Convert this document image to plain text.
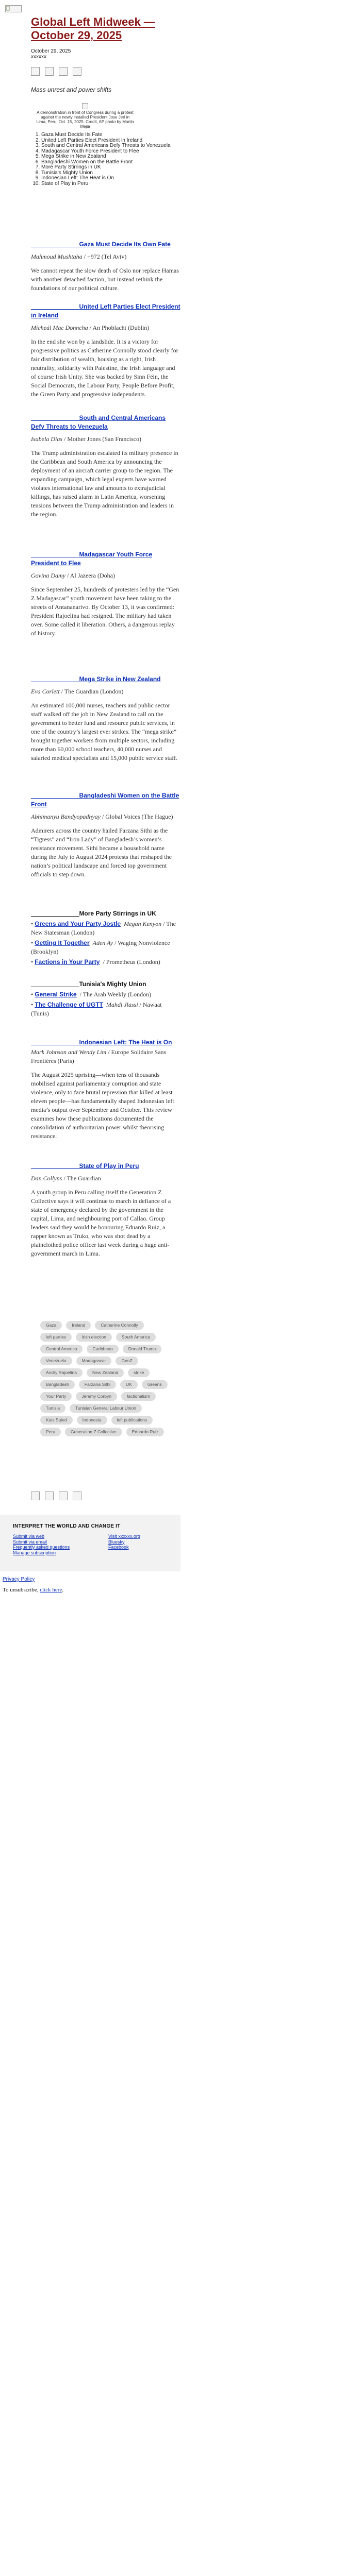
Global Left Midweek — October 29, 2025
October 29, 2025
xxxxxx
Mass unrest and power shifts
A demonstration in front of Congress during a protest against the newly installed President Jose Jeri in Lima, Peru, Oct. 15, 2025. Credit, AP photo by Martin Mejia
1. Gaza Must Decide Its Fate
2. United Left Parties Elect President in Ireland
3. South and Central Americans Defy Threats to Venezuela
4. Madagascar Youth Force President to Flee
5. Mega Strike in New Zealand
6. Bangladeshi Women on the Battle Front
7. More Party Stirrings in UK
8. Tunisia's Mighty Union
9. Indonesian Left: The Heat is On
10. State of Play in Peru
______________Gaza Must Decide Its Own Fate

Mahmoud Mushtaha / +972 (Tel Aviv)

We cannot repeat the slow death of Oslo nor replace Hamas with another detached faction, but instead rethink the foundations of our political culture.

______________United Left Parties Elect President in Ireland

Mícheál Mac Donncha / An Phoblacht (Dublin)

In the end she won by a landslide. It is a victory for progressive politics as Catherine Connolly stood clearly for fair distribution of wealth, housing as a right, Irish neutrality, solidarity with Palestine, the Irish language and of course Irish Unity. She was backed by Sinn Féin, the Social Democrats, the Labour Party, People Before Profit, the Green Party and progressive independents.

______________South and Central Americans Defy Threats to Venezuela

Isabela Dias / Mother Jones (San Francisco)

The Trump administration escalated its military presence in the Caribbean and South America by announcing the deployment of an aircraft carrier group to the region. The expanding campaign, which legal experts have warned violates international law and amounts to extrajudicial killings, has raised alarm in Latin America, worsening tensions between the Trump administration and leaders in the region.

______________Madagascar Youth Force President to Flee

Govina Damy / Al Jazeera (Doha)

Since September 25, hundreds of protesters led by the “Gen Z Madagascar” youth movement have been taking to the streets of Antananarivo. By October 13, it was confirmed: President Rajoelina had resigned. The military had taken over. Some called it liberation. Others, a dangerous replay of history.

______________Mega Strike in New Zealand

Eva Corlett / The Guardian (London)

An estimated 100,000 nurses, teachers and public sector staff walked off the job in New Zealand to call on the government to better fund and resource public services, in one of the country’s largest ever strikes. The “mega strike” brought together workers from multiple sectors, including more than 60,000 school teachers, 40,000 nurses and salaried medical specialists and 15,000 public service staff.

______________Bangladeshi Women on the Battle Front

Abhimanyu Bandyopadhyay / Global Voices (The Hague)

Admirers across the country hailed Farzana Sithi as the “Tigress” and “Iron Lady” of Bangladesh’s women’s resistance movement. Sithi became a household name during the July to August 2024 protests that reshaped the nation’s political landscape and forced top government officials to step down.

______________More Party Stirrings in UK

• Greens and Your Party Jostle Megan Kenyon / The New Statesman (London)

• Getting It Together Aden Ay / Waging Nonviolence (Brooklyn)

• Factions in Your Party  / Prometheus (London)

______________Tunisia's Mighty Union

• General Strike  / The Arab Weekly (London)

• The Challenge of UGTT Mahdi Jlassi / Nawaat (Tunis)

______________Indonesian Left: The Heat is On

Mark Johnson and Wendy Lim / Europe Solidaire Sans Frontières (Paris)

The August 2025 uprising—when tens of thousands mobilised against parliamentary corruption and state violence, only to face brutal repression that killed at least eleven people—has fundamentally shaped Indonesian left media’s output over September and October. This review examines how these publications documented the consolidation of authoritarian power whilst theorising resistance.

______________State of Play in Peru

Dan Collyns / The Guardian

A youth group in Peru calling itself the Generation Z Collective says it will continue to march in defiance of a state of emergency declared by the government in the capital, Lima, and neighbouring port of Callao. Group leaders said they would be honouring Eduardo Ruiz, a rapper known as Truko, who was shot dead by a plainclothed police officer last week during a huge anti-government march in Lima.

Gaza	Ireland	Catherine Connolly
left parties	Irish election	South America
Central America	Caribbean	Donald Trump
Venezuela	Madagascar	GenZ
Andry Rajoelina	New Zealand	strike
Bangladesh	Farzana Sithi	UK	Greens
Your Party	Jeremy Corbyn	factionalism
Tunisia	Tunisian General Labour Union
Kais Saied	Indonesia	left publications
Peru	Generation Z Collective	Eduardo Ruiz
INTERPRET THE WORLD AND CHANGE IT
Submit via web
Submit via email
Frequently asked questions
Manage subscription
Visit xxxxxx.org
Bluesky
Facebook
Privacy Policy
To unsubscribe, click here.
